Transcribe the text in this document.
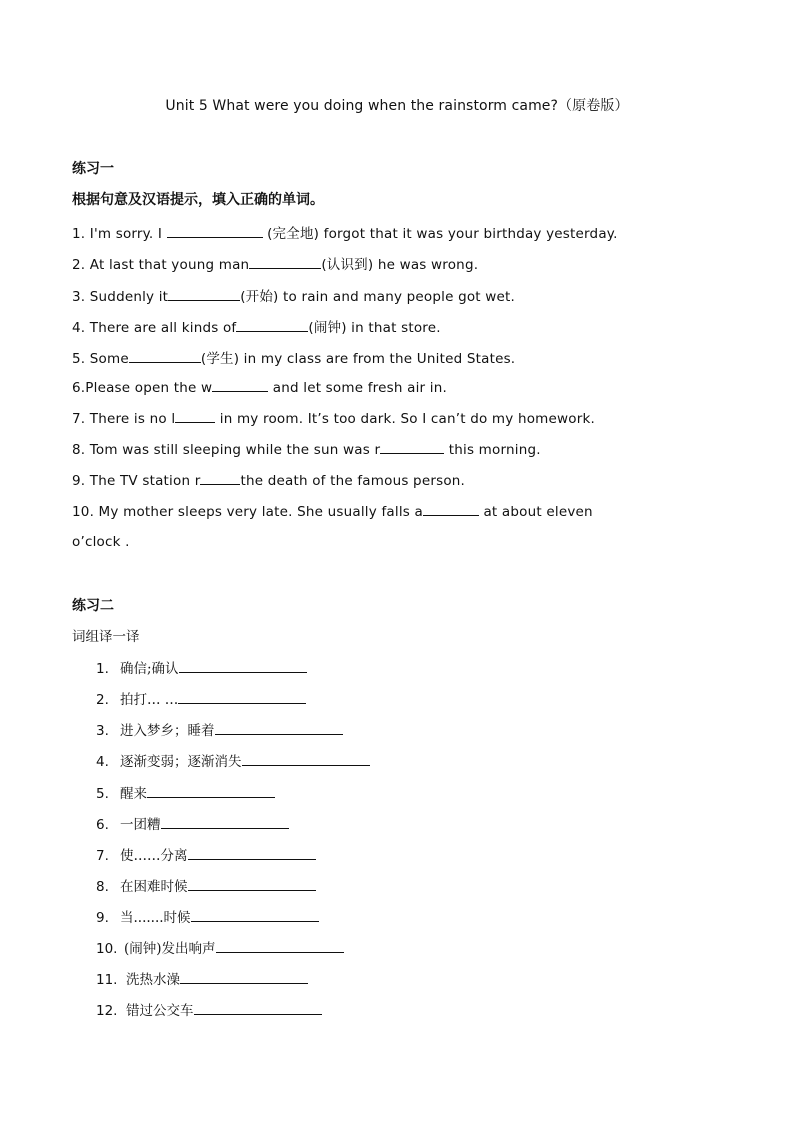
Unit 5 What were you doing when the rainstorm came?（原卷版）
练习一
根据句意及汉语提示，填入正确的单词。
1. I'm sorry. I	(完全地) forgot that it was your birthday yesterday.
2. At last that young man	(认识到) he was wrong.
3. Suddenly it	(开始) to rain and many people got wet.
4. There are all kinds of	(闹钟) in that store.
5. Some	(学生) in my class are from the United States.
6.Please open the w	and let some fresh air in.
7. There is no l	in my room. It’s too dark. So I can’t do my homework.
8. Tom was still sleeping while the sun was r	this morning.
9. The TV station r	the death of the famous person.
10. My mother sleeps very late. She usually falls a	at about eleven
o’clock .
练习二
词组译一译
1. 确信;确认
2. 拍打… …
3. 进入梦乡；睡着
4. 逐渐变弱；逐渐消失
5. 醒来
6. 一团糟
7. 使……分离
8. 在困难时候
9. 当.......时候
10. (闹钟)发出响声
11. 洗热水澡
12. 错过公交车
